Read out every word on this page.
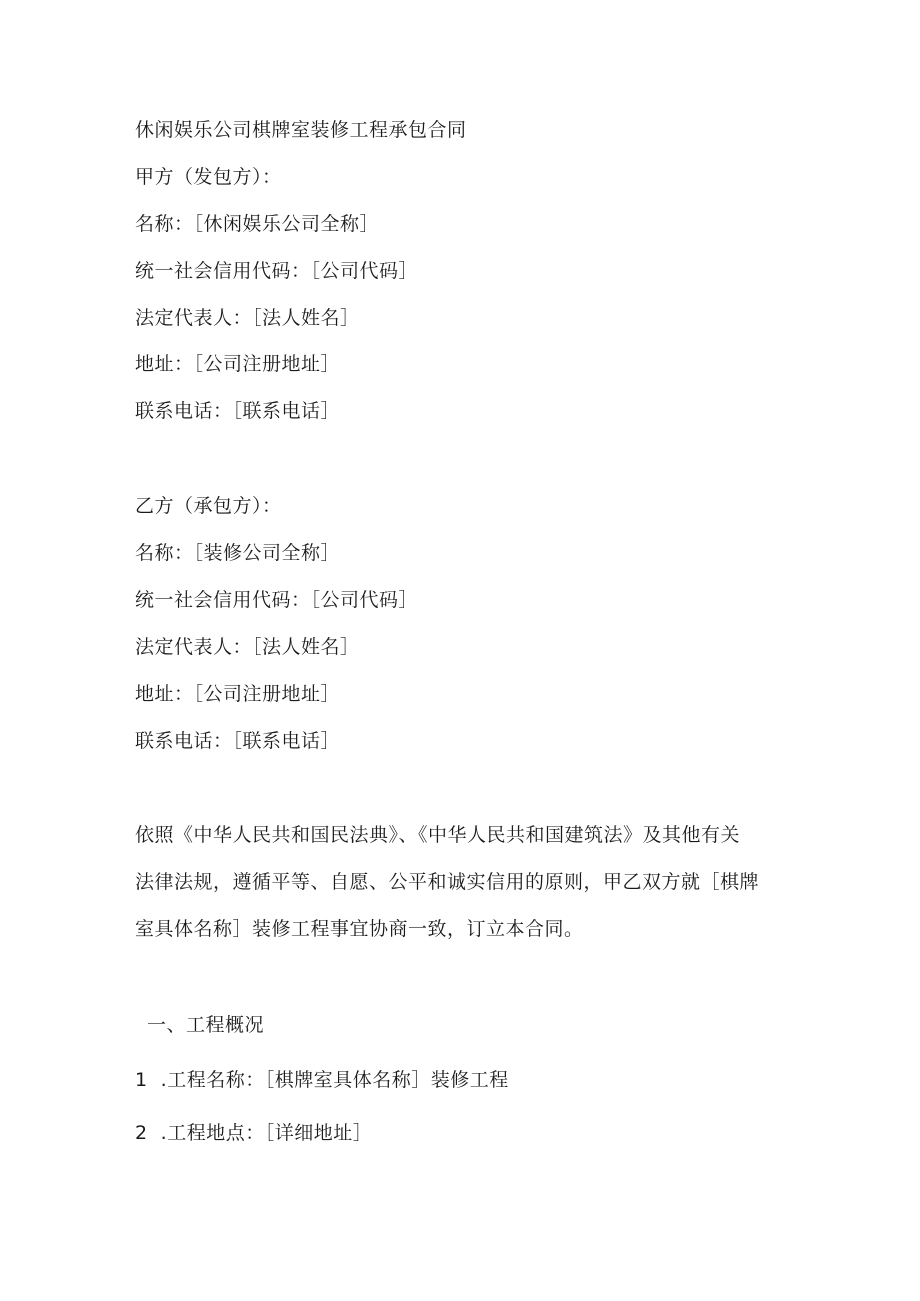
休闲娱乐公司棋牌室装修工程承包合同
甲方（发包方）：
名称：［休闲娱乐公司全称］
统一社会信用代码：［公司代码］
法定代表人：［法人姓名］
地址：［公司注册地址］
联系电话：［联系电话］
乙方（承包方）：
名称：［装修公司全称］
统一社会信用代码：［公司代码］
法定代表人：［法人姓名］
地址：［公司注册地址］
联系电话：［联系电话］
依照《中华人民共和国民法典》、《中华人民共和国建筑法》及其他有关
法律法规，遵循平等、自愿、公平和诚实信用的原则，甲乙双方就［棋牌
室具体名称］装修工程事宜协商一致，订立本合同。
一、工程概况
1  .工程名称：［棋牌室具体名称］装修工程
2  .工程地点：［详细地址］
